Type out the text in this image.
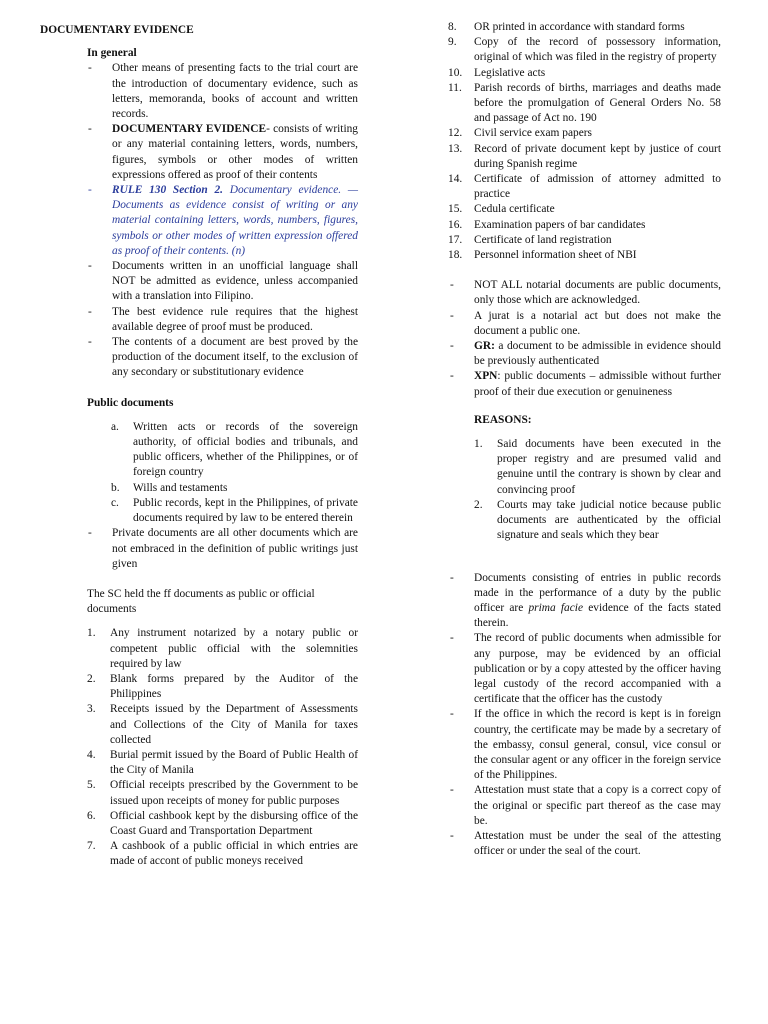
DOCUMENTARY EVIDENCE
In general
- Other means of presenting facts to the trial court are the introduction of documentary evidence, such as letters, memoranda, books of account and written records.
- DOCUMENTARY EVIDENCE- consists of writing or any material containing letters, words, numbers, figures, symbols or other modes of written expressions offered as proof of their contents
- RULE 130 Section 2. Documentary evidence. — Documents as evidence consist of writing or any material containing letters, words, numbers, figures, symbols or other modes of written expression offered as proof of their contents. (n)
- Documents written in an unofficial language shall NOT be admitted as evidence, unless accompanied with a translation into Filipino.
- The best evidence rule requires that the highest available degree of proof must be produced.
- The contents of a document are best proved by the production of the document itself, to the exclusion of any secondary or substitutionary evidence
Public documents
a. Written acts or records of the sovereign authority, of official bodies and tribunals, and public officers, whether of the Philippines, or of foreign country
b. Wills and testaments
c. Public records, kept in the Philippines, of private documents required by law to be entered therein
- Private documents are all other documents which are not embraced in the definition of public writings just given
The SC held the ff documents as public or official documents
1. Any instrument notarized by a notary public or competent public official with the solemnities required by law
2. Blank forms prepared by the Auditor of the Philippines
3. Receipts issued by the Department of Assessments and Collections of the City of Manila for taxes collected
4. Burial permit issued by the Board of Public Health of the City of Manila
5. Official receipts prescribed by the Government to be issued upon receipts of money for public purposes
6. Official cashbook kept by the disbursing office of the Coast Guard and Transportation Department
7. A cashbook of a public official in which entries are made of accont of public moneys received
8. OR printed in accordance with standard forms
9. Copy of the record of possessory information, original of which was filed in the registry of property
10. Legislative acts
11. Parish records of births, marriages and deaths made before the promulgation of General Orders No. 58 and passage of Act no. 190
12. Civil service exam papers
13. Record of private document kept by justice of court during Spanish regime
14. Certificate of admission of attorney admitted to practice
15. Cedula certificate
16. Examination papers of bar candidates
17. Certificate of land registration
18. Personnel information sheet of NBI
- NOT ALL notarial documents are public documents, only those which are acknowledged.
- A jurat is a notarial act but does not make the document a public one.
- GR: a document to be admissible in evidence should be previously authenticated
- XPN: public documents – admissible without further proof of their due execution or genuineness
REASONS:
1. Said documents have been executed in the proper registry and are presumed valid and genuine until the contrary is shown by clear and convincing proof
2. Courts may take judicial notice because public documents are authenticated by the official signature and seals which they bear
- Documents consisting of entries in public records made in the performance of a duty by the public officer are prima facie evidence of the facts stated therein.
- The record of public documents when admissible for any purpose, may be evidenced by an official publication or by a copy attested by the officer having legal custody of the record accompanied with a certificate that the officer has the custody
- If the office in which the record is kept is in foreign country, the certificate may be made by a secretary of the embassy, consul general, consul, vice consul or the consular agent or any officer in the foreign service of the Philippines.
- Attestation must state that a copy is a correct copy of the original or specific part thereof as the case may be.
- Attestation must be under the seal of the attesting officer or under the seal of the court.
